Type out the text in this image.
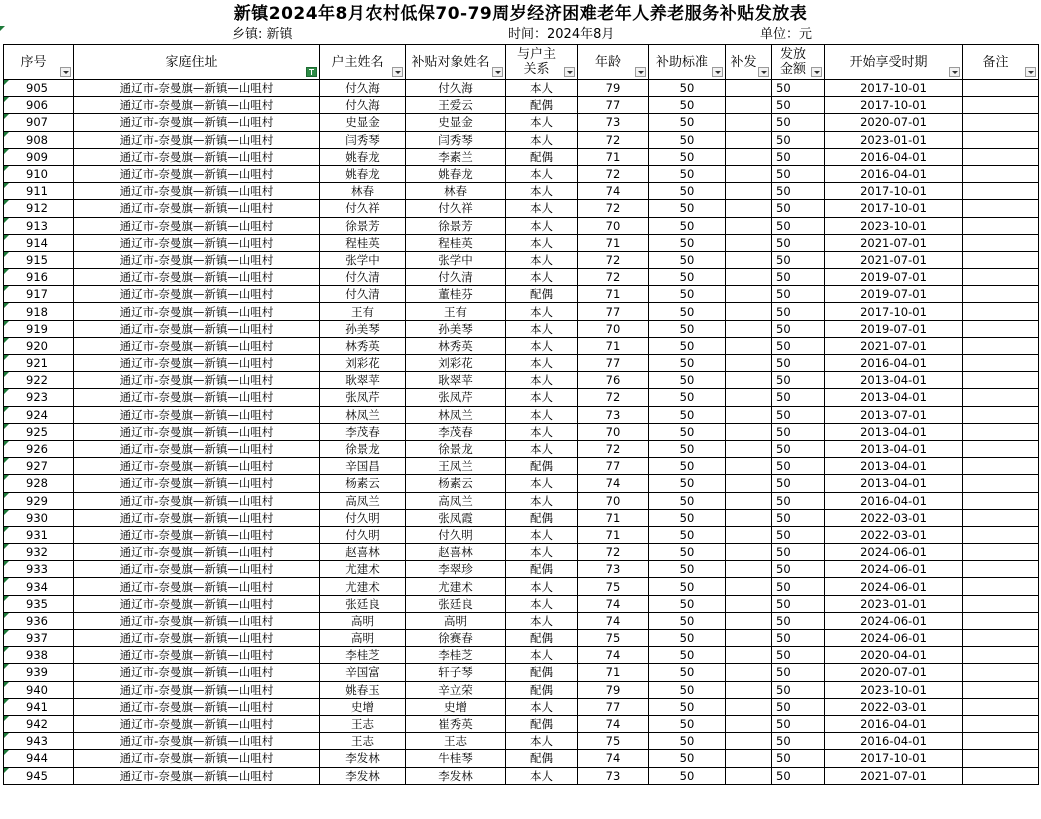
新镇2024年8月农村低保70-79周岁经济困难老年人养老服务补贴发放表
乡镇: 新镇	时间：2024年8月	单位：元
序号	家庭住址	户主姓名	补贴对象姓名	与户主关系	年龄	补助标准	补发	发放金额	开始享受时期	备注

905	通辽市-奈曼旗—新镇—山咀村	付久海	付久海	本人	79	50		50	2017-10-01	
906	通辽市-奈曼旗—新镇—山咀村	付久海	王爱云	配偶	77	50		50	2017-10-01	
907	通辽市-奈曼旗—新镇—山咀村	史显金	史显金	本人	73	50		50	2020-07-01	
908	通辽市-奈曼旗—新镇—山咀村	闫秀琴	闫秀琴	本人	72	50		50	2023-01-01	
909	通辽市-奈曼旗—新镇—山咀村	姚春龙	李素兰	配偶	71	50		50	2016-04-01	
910	通辽市-奈曼旗—新镇—山咀村	姚春龙	姚春龙	本人	72	50		50	2016-04-01	
911	通辽市-奈曼旗—新镇—山咀村	林春	林春	本人	74	50		50	2017-10-01	
912	通辽市-奈曼旗—新镇—山咀村	付久祥	付久祥	本人	72	50		50	2017-10-01	
913	通辽市-奈曼旗—新镇—山咀村	徐景芳	徐景芳	本人	70	50		50	2023-10-01	
914	通辽市-奈曼旗—新镇—山咀村	程桂英	程桂英	本人	71	50		50	2021-07-01	
915	通辽市-奈曼旗—新镇—山咀村	张学中	张学中	本人	72	50		50	2021-07-01	
916	通辽市-奈曼旗—新镇—山咀村	付久清	付久清	本人	72	50		50	2019-07-01	
917	通辽市-奈曼旗—新镇—山咀村	付久清	董桂芬	配偶	71	50		50	2019-07-01	
918	通辽市-奈曼旗—新镇—山咀村	王有	王有	本人	77	50		50	2017-10-01	
919	通辽市-奈曼旗—新镇—山咀村	孙美琴	孙美琴	本人	70	50		50	2019-07-01	
920	通辽市-奈曼旗—新镇—山咀村	林秀英	林秀英	本人	71	50		50	2021-07-01	
921	通辽市-奈曼旗—新镇—山咀村	刘彩花	刘彩花	本人	77	50		50	2016-04-01	
922	通辽市-奈曼旗—新镇—山咀村	耿翠苹	耿翠苹	本人	76	50		50	2013-04-01	
923	通辽市-奈曼旗—新镇—山咀村	张凤芹	张凤芹	本人	72	50		50	2013-04-01	
924	通辽市-奈曼旗—新镇—山咀村	林凤兰	林凤兰	本人	73	50		50	2013-07-01	
925	通辽市-奈曼旗—新镇—山咀村	李茂春	李茂春	本人	70	50		50	2013-04-01	
926	通辽市-奈曼旗—新镇—山咀村	徐景龙	徐景龙	本人	72	50		50	2013-04-01	
927	通辽市-奈曼旗—新镇—山咀村	辛国昌	王凤兰	配偶	77	50		50	2013-04-01	
928	通辽市-奈曼旗—新镇—山咀村	杨素云	杨素云	本人	74	50		50	2013-04-01	
929	通辽市-奈曼旗—新镇—山咀村	高凤兰	高凤兰	本人	70	50		50	2016-04-01	
930	通辽市-奈曼旗—新镇—山咀村	付久明	张凤霞	配偶	71	50		50	2022-03-01	
931	通辽市-奈曼旗—新镇—山咀村	付久明	付久明	本人	71	50		50	2022-03-01	
932	通辽市-奈曼旗—新镇—山咀村	赵喜林	赵喜林	本人	72	50		50	2024-06-01	
933	通辽市-奈曼旗—新镇—山咀村	尤建术	李翠珍	配偶	73	50		50	2024-06-01	
934	通辽市-奈曼旗—新镇—山咀村	尤建术	尤建术	本人	75	50		50	2024-06-01	
935	通辽市-奈曼旗—新镇—山咀村	张廷良	张廷良	本人	74	50		50	2023-01-01	
936	通辽市-奈曼旗—新镇—山咀村	高明	高明	本人	74	50		50	2024-06-01	
937	通辽市-奈曼旗—新镇—山咀村	高明	徐赛春	配偶	75	50		50	2024-06-01	
938	通辽市-奈曼旗—新镇—山咀村	李桂芝	李桂芝	本人	74	50		50	2020-04-01	
939	通辽市-奈曼旗—新镇—山咀村	辛国富	轩子琴	配偶	71	50		50	2020-07-01	
940	通辽市-奈曼旗—新镇—山咀村	姚春玉	辛立荣	配偶	79	50		50	2023-10-01	
941	通辽市-奈曼旗—新镇—山咀村	史增	史增	本人	77	50		50	2022-03-01	
942	通辽市-奈曼旗—新镇—山咀村	王志	崔秀英	配偶	74	50		50	2016-04-01	
943	通辽市-奈曼旗—新镇—山咀村	王志	王志	本人	75	50		50	2016-04-01	
944	通辽市-奈曼旗—新镇—山咀村	李发林	牛桂琴	配偶	74	50		50	2017-10-01	
945	通辽市-奈曼旗—新镇—山咀村	李发林	李发林	本人	73	50		50	2021-07-01	
